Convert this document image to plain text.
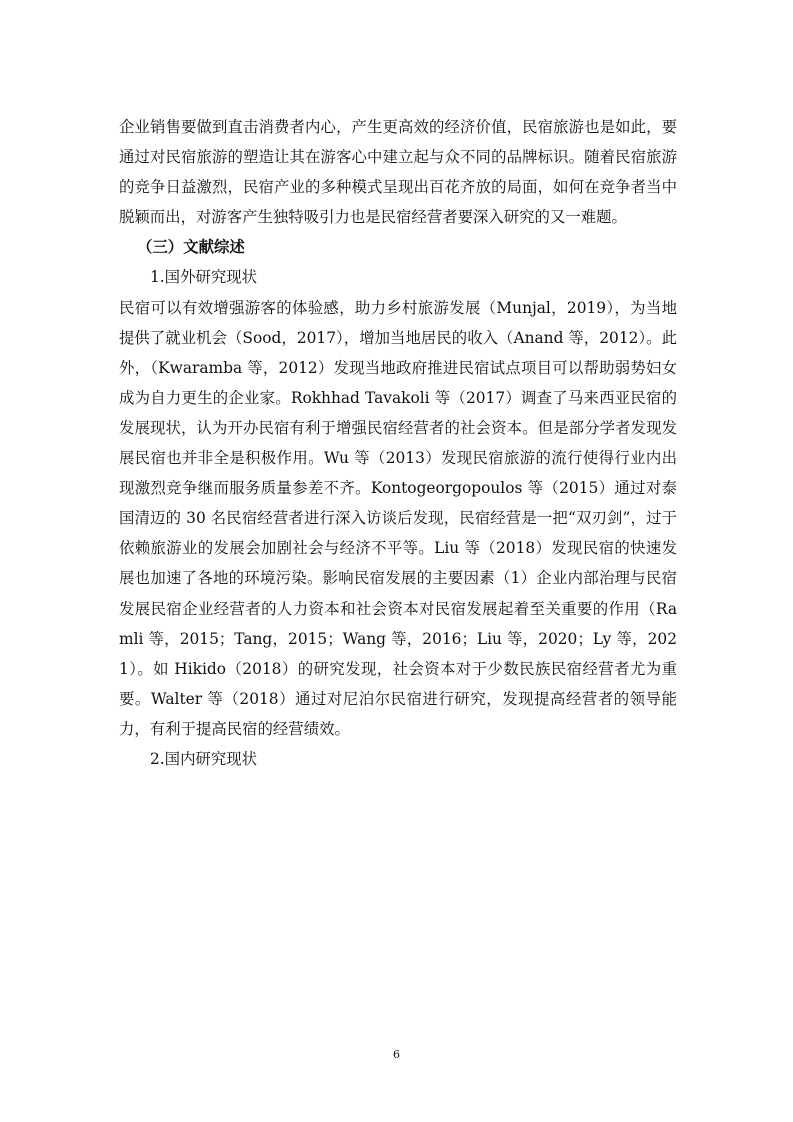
企业销售要做到直击消费者内心，产生更高效的经济价值，民宿旅游也是如此，要通过对民宿旅游的塑造让其在游客心中建立起与众不同的品牌标识。随着民宿旅游的竞争日益激烈，民宿产业的多种模式呈现出百花齐放的局面，如何在竞争者当中脱颖而出，对游客产生独特吸引力也是民宿经营者要深入研究的又一难题。

（三）文献综述

1.国外研究现状

民宿可以有效增强游客的体验感，助力乡村旅游发展（Munjal，2019），为当地提供了就业机会（Sood，2017），增加当地居民的收入（Anand 等，2012）。此外，（Kwaramba 等，2012）发现当地政府推进民宿试点项目可以帮助弱势妇女成为自力更生的企业家。Rokhhad Tavakoli 等（2017）调查了马来西亚民宿的发展现状，认为开办民宿有利于增强民宿经营者的社会资本。但是部分学者发现发展民宿也并非全是积极作用。Wu 等（2013）发现民宿旅游的流行使得行业内出现激烈竞争继而服务质量参差不齐。Kontogeorgopoulos 等（2015）通过对泰国清迈的 30 名民宿经营者进行深入访谈后发现，民宿经营是一把“双刃剑”，过于依赖旅游业的发展会加剧社会与经济不平等。Liu 等（2018）发现民宿的快速发展也加速了各地的环境污染。影响民宿发展的主要因素（1）企业内部治理与民宿发展民宿企业经营者的人力资本和社会资本对民宿发展起着至关重要的作用（Ramli 等，2015；Tang，2015；Wang 等，2016；Liu 等，2020；Ly 等，2021）。如 Hikido（2018）的研究发现，社会资本对于少数民族民宿经营者尤为重要。Walter 等（2018）通过对尼泊尔民宿进行研究，发现提高经营者的领导能力，有利于提高民宿的经营绩效。

2.国内研究现状

6
